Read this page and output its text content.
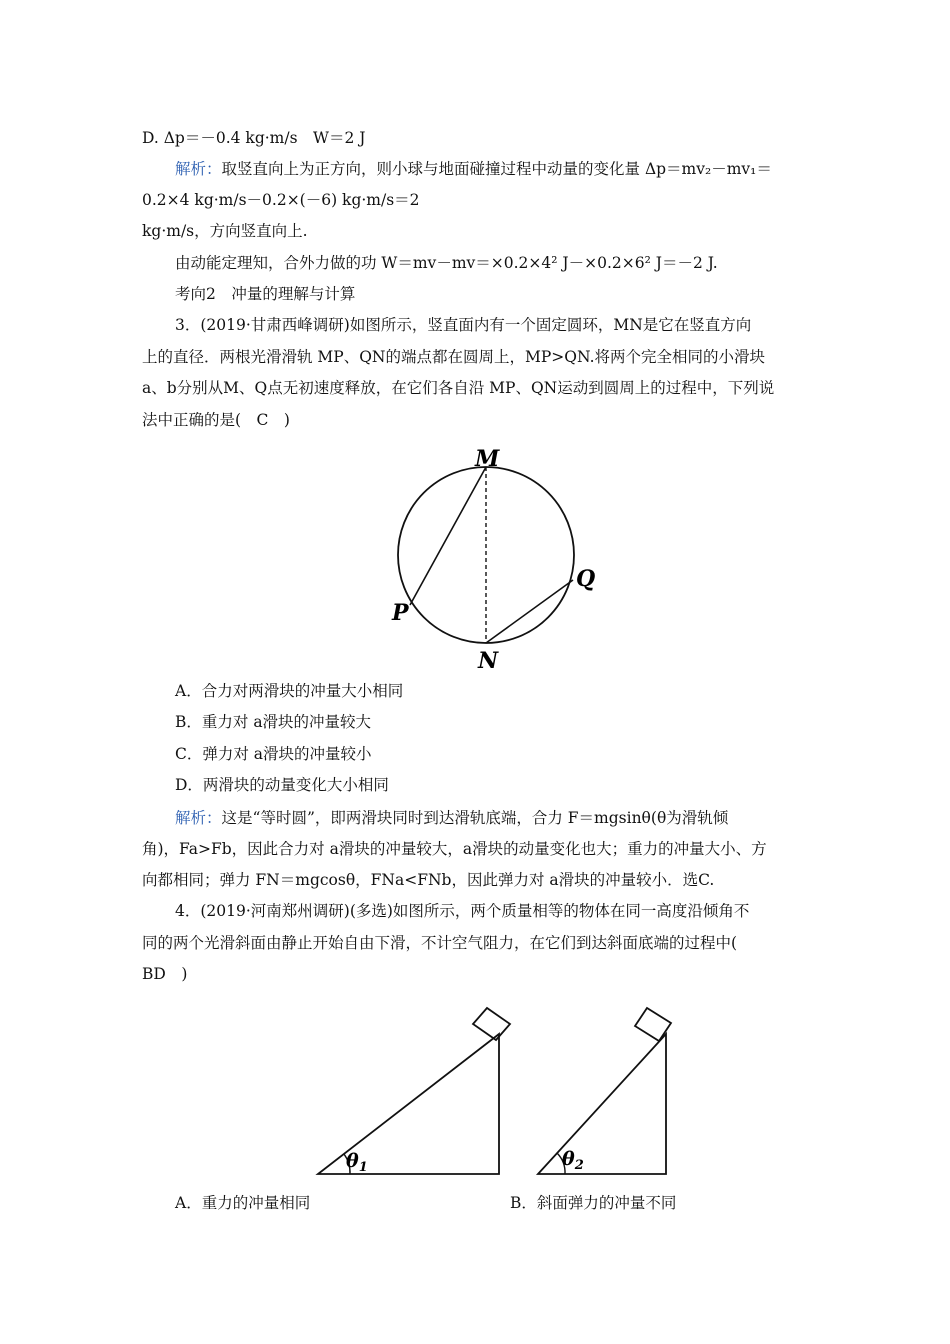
D. Δp＝－0.4 kg·m/s　W＝2 J
解析：取竖直向上为正方向，则小球与地面碰撞过程中动量的变化量 Δp＝mv₂－mv₁＝
0.2×4 kg·m/s－0.2×(－6) kg·m/s＝2
kg·m/s，方向竖直向上.
由动能定理知，合外力做的功 W＝mv－mv＝×0.2×4² J－×0.2×6² J＝－2 J.
考向2　冲量的理解与计算
3．(2019·甘肃西峰调研)如图所示，竖直面内有一个固定圆环，MN是它在竖直方向
上的直径．两根光滑滑轨 MP、QN的端点都在圆周上，MP>QN.将两个完全相同的小滑块
a、b分别从M、Q点无初速度释放，在它们各自沿 MP、QN运动到圆周上的过程中，下列说
法中正确的是(　C　)
M
N
P
Q
A．合力对两滑块的冲量大小相同
B．重力对 a滑块的冲量较大
C．弹力对 a滑块的冲量较小
D．两滑块的动量变化大小相同
解析：这是“等时圆”，即两滑块同时到达滑轨底端，合力 F＝mgsinθ(θ为滑轨倾
角)，Fa>Fb，因此合力对 a滑块的冲量较大，a滑块的动量变化也大；重力的冲量大小、方
向都相同；弹力 FN＝mgcosθ，FNa<FNb，因此弹力对 a滑块的冲量较小．选C.
4．(2019·河南郑州调研)(多选)如图所示，两个质量相等的物体在同一高度沿倾角不
同的两个光滑斜面由静止开始自由下滑，不计空气阻力，在它们到达斜面底端的过程中(
BD　)
$\theta_1$	$\theta_2$
A．重力的冲量相同	B．斜面弹力的冲量不同
